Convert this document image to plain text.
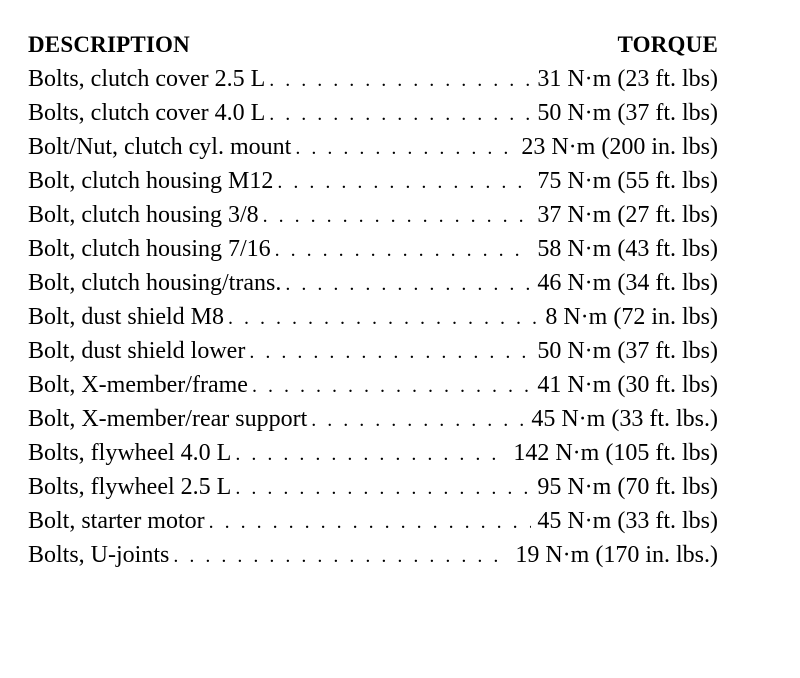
DESCRIPTION	TORQUE
Bolts, clutch cover 2.5 L . . .	31 N·m (23 ft. lbs)
Bolts, clutch cover 4.0 L . . .	50 N·m (37 ft. lbs)
Bolt/Nut, clutch cyl. mount . . .	23 N·m (200 in. lbs)
Bolt, clutch housing M12 . . .	75 N·m (55 ft. lbs)
Bolt, clutch housing 3/8 . . .	37 N·m (27 ft. lbs)
Bolt, clutch housing 7/16 . . .	58 N·m (43 ft. lbs)
Bolt, clutch housing/trans. . . .	46 N·m (34 ft. lbs)
Bolt, dust shield M8 . . .	8 N·m (72 in. lbs)
Bolt, dust shield lower . . .	50 N·m (37 ft. lbs)
Bolt, X-member/frame . . .	41 N·m (30 ft. lbs)
Bolt, X-member/rear support . . .	45 N·m (33 ft. lbs.)
Bolts, flywheel 4.0 L . . .	142 N·m (105 ft. lbs)
Bolts, flywheel 2.5 L . . .	95 N·m (70 ft. lbs)
Bolt, starter motor . . .	45 N·m (33 ft. lbs)
Bolts, U-joints . . .	19 N·m (170 in. lbs.)
